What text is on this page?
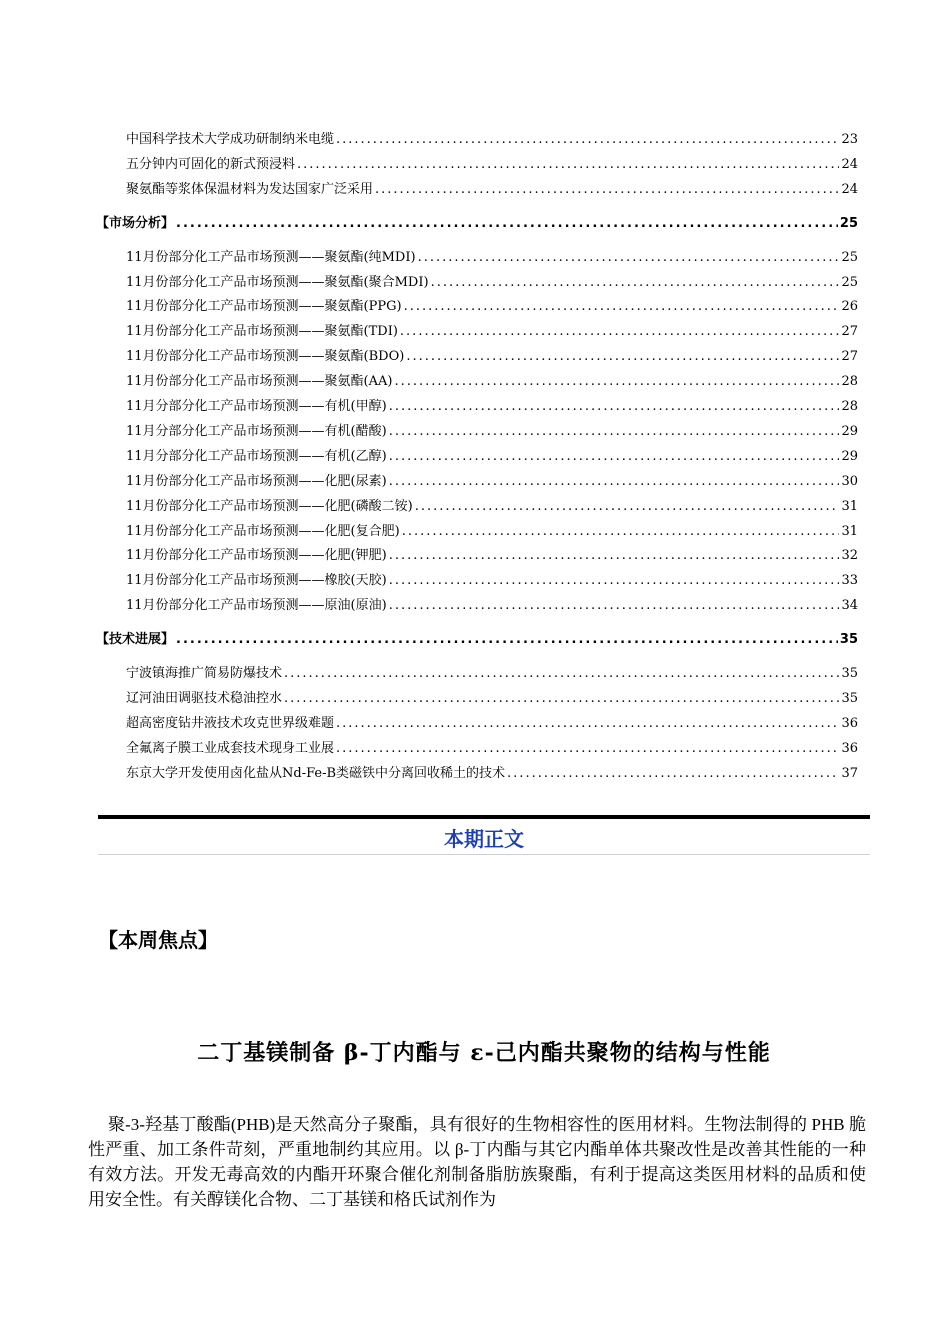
中国科学技术大学成功研制纳米电缆 .....	23
五分钟内可固化的新式预浸料 .....	24
聚氨酯等浆体保温材料为发达国家广泛采用 .....	24
【市场分析】 .....	25
11月份部分化工产品市场预测——聚氨酯(纯MDI) .....	25
11月份部分化工产品市场预测——聚氨酯(聚合MDI) .....	25
11月份部分化工产品市场预测——聚氨酯(PPG) .....	26
11月份部分化工产品市场预测——聚氨酯(TDI) .....	27
11月份部分化工产品市场预测——聚氨酯(BDO) .....	27
11月份部分化工产品市场预测——聚氨酯(AA) .....	28
11月分部分化工产品市场预测——有机(甲醇) .....	28
11月分部分化工产品市场预测——有机(醋酸) .....	29
11月分部分化工产品市场预测——有机(乙醇) .....	29
11月份部分化工产品市场预测——化肥(尿素) .....	30
11月份部分化工产品市场预测——化肥(磷酸二铵) .....	31
11月份部分化工产品市场预测——化肥(复合肥) .....	31
11月份部分化工产品市场预测——化肥(钾肥) .....	32
11月份部分化工产品市场预测——橡胶(天胶) .....	33
11月份部分化工产品市场预测——原油(原油) .....	34
【技术进展】 .....	35
宁波镇海推广简易防爆技术 .....	35
辽河油田调驱技术稳油控水 .....	35
超高密度钻井液技术攻克世界级难题 .....	36
全氟离子膜工业成套技术现身工业展 .....	36
东京大学开发使用卤化盐从Nd-Fe-B类磁铁中分离回收稀土的技术 .....	37
本期正文
【本周焦点】
二丁基镁制备 β-丁内酯与 ε-己内酯共聚物的结构与性能
聚-3-羟基丁酸酯(PHB)是天然高分子聚酯，具有很好的生物相容性的医用材料。生物法制得的 PHB 脆性严重、加工条件苛刻，严重地制约其应用。以 β-丁内酯与其它内酯单体共聚改性是改善其性能的一种有效方法。开发无毒高效的内酯开环聚合催化剂制备脂肪族聚酯，有利于提高这类医用材料的品质和使用安全性。有关醇镁化合物、二丁基镁和格氏试剂作为
